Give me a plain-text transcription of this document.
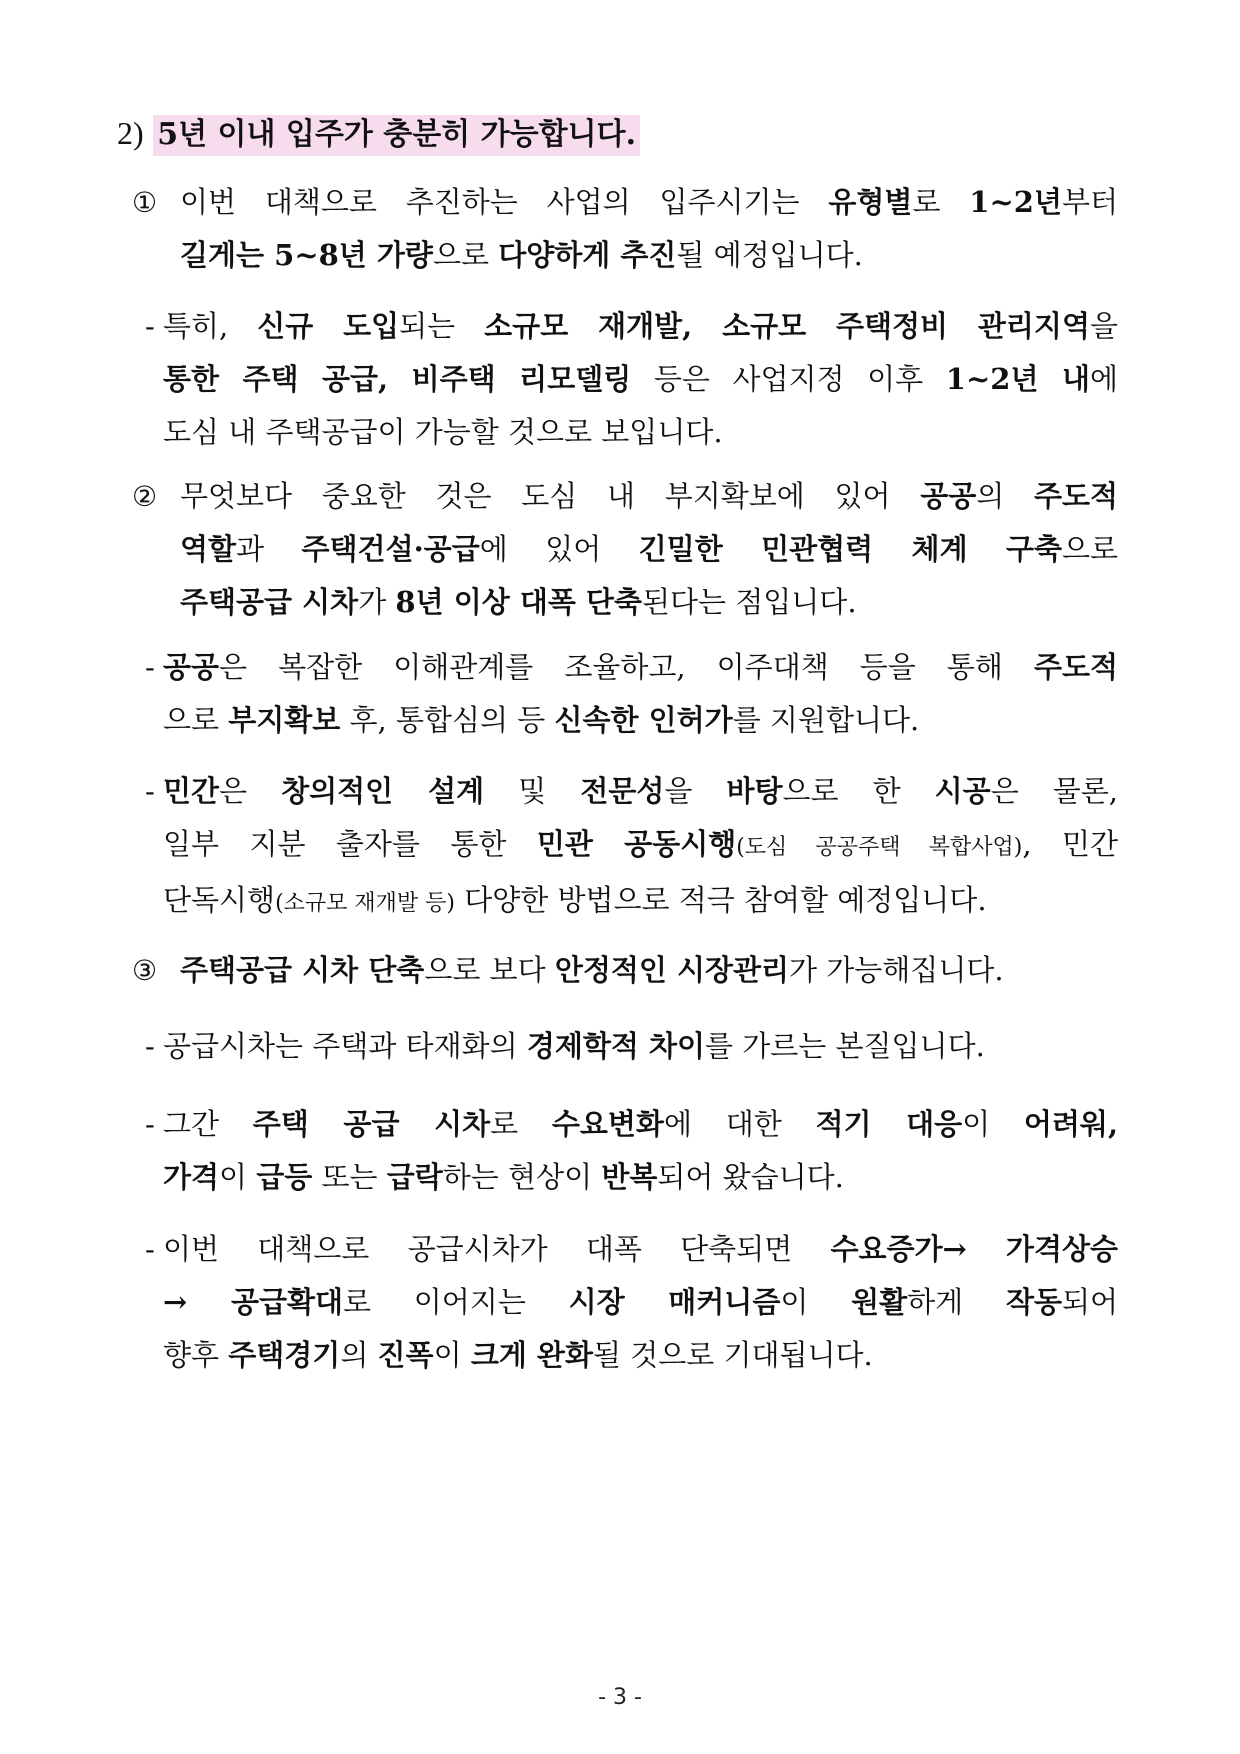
2) 5년 이내 입주가 충분히 가능합니다.
① 이번 대책으로 추진하는 사업의 입주시기는 유형별로 1~2년부터
길게는 5~8년 가량으로 다양하게 추진될 예정입니다.
- 특히, 신규 도입되는 소규모 재개발, 소규모 주택정비 관리지역을
통한 주택 공급, 비주택 리모델링 등은 사업지정 이후 1~2년 내에
도심 내 주택공급이 가능할 것으로 보입니다.
② 무엇보다 중요한 것은 도심 내 부지확보에 있어 공공의 주도적
역할과 주택건설·공급에 있어 긴밀한 민관협력 체계 구축으로
주택공급 시차가 8년 이상 대폭 단축된다는 점입니다.
- 공공은 복잡한 이해관계를 조율하고, 이주대책 등을 통해 주도적
으로 부지확보 후, 통합심의 등 신속한 인허가를 지원합니다.
- 민간은 창의적인 설계 및 전문성을 바탕으로 한 시공은 물론,
일부 지분 출자를 통한 민관 공동시행(도심 공공주택 복합사업), 민간
단독시행(소규모 재개발 등) 다양한 방법으로 적극 참여할 예정입니다.
③ 주택공급 시차 단축으로 보다 안정적인 시장관리가 가능해집니다.
- 공급시차는 주택과 타재화의 경제학적 차이를 가르는 본질입니다.
- 그간 주택 공급 시차로 수요변화에 대한 적기 대응이 어려워,
가격이 급등 또는 급락하는 현상이 반복되어 왔습니다.
- 이번 대책으로 공급시차가 대폭 단축되면 수요증가→ 가격상승
→ 공급확대로 이어지는 시장 매커니즘이 원활하게 작동되어
향후 주택경기의 진폭이 크게 완화될 것으로 기대됩니다.
- 3 -
